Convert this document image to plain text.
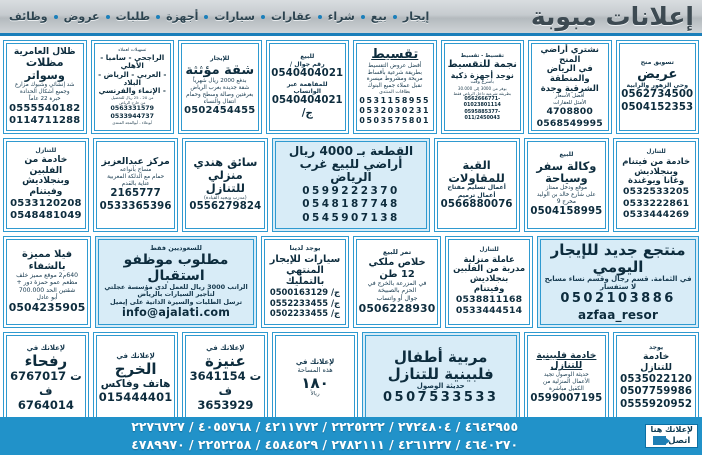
إعلانات مبوبة
إيجار
بيع
شراء
عقارات
سيارات
أجهزة
طلبات
عروض
وظائف
تسويق منح
عريض
وحي الزهور والرابية
0562734500
0504152353
نشتري أراضي المنح
في الرياض والمنطقة
الشرقية وجدة
أفضل الأسعار
الأمثل للعقارات
4708800
0568549995
تقسيط - تقسيط
نجمة للتقسيط
نوجد أجهزة ذكية
بأسرع وقت
يوفر من 3000 إلى 30.000
بطريقة شرعية داخل الرياض فقط
0562666771-01023801114
0595885377-011/2450043
تقسيط
أفضل عروض التقسيط
بطريقة شرعية بأقساط
مريحة ومشروط ميسرة
نقبل عملاء جميع البنوك
بطاقات المنتدى
0531158955
0532030231
0503575801
للبيع
رقم جوال /
0540404021
للمفاهمة عبر الواتساب
0540404021 /ج
للإيجار
شقة مؤثثة
بدفع 2000 ريال شهرياً
شقة جديدة بغرب الرياض
بغرفتين وصالة وسطح وحمام
انتقال والنساء
0502454455
تسهيلات لعملاء
الراجحي - سامبا - الأهلي
- العربي - الرياض - البلاد
- الإنماء والفرنسي
من 20 - 25 ريال للتحصيل
من خارج الرياض
0563331579
0533944737
أبوعلاء - أبوالمجد المنتدى
ظلال العامرية
مظلات وسواتر
شد إنشائي وشبوك مزارع
وجميع أشكال الحدادة
خبرة 22 عاماً
0555540182
0114711288
للتنازل
خادمة من فيتنام
وبنجلاديش
وغانا ويوغندة
0532533205
0533222861
0533444269
للبيع
وكالة سفر وسياحة
موقع ودخل ممتاز
على شارع خالد بن الوليد
مخرج 9
0504158995
القبة للمقاولات
أعمال تسليم مفتاح
أعمال ترميم
0566880076
القطعة بـ 4000 ريال
أراضي للبيع غرب الرياض
0599222370
0548187748
0545907138
سائق هندي
منزلي للتنازل
(مدرب ويجيد القيادة)
0556279824
مركز عبدالعزيز
مساج بأنواعه
حمام مع الدلكة المغربية
عناية بالقدم
2165777
0533365396
للتنازل
خادمة من الفلبين
وبنجلاديش
وفيتنام
0533120208
0548481049
منتجع جديد للإيجار اليومي
في الثمامة. قسم رجال وقسم نساء مسابح
لا ستفسار
0502103886
azfaa_resor
للتنازل
عاملة منزلية
مدربة من الفلبين
بنجلاديش
وفيتنام
0538811168
0533444514
تمر للبيع
خلاص ملكي 12 طن
في المزرعة بالخرج في
الحزم بالصبيخة
جوال أو واتساب
0506228930
يوجد لدينا
سيارات للإيجار
المنتهي بالتمليك
0500163129 /ج
0552233455 /ج
0502233455 /ج
للسعوديين فقط
مطلوب موظفو استقبال
الراتب 3000 ريال للعمل لدى مؤسسة عجلتي
لتأجير السيارات بالرياض
ترسل الطلبات والسيرة الذاتية على إيميل
info@ajalati.com
فيلا مميزة بالشفاء
640م2 موقع مميز خلف
مطعم عمو حمزة دور +
شقتين الحد 700.000
أبو عادل
0504235905
يوجد
خادمة
للتنازل
0535022120
0507759986
0555920952
خادمة فلبينية
للتنازل
حديثة الوصول تجيد
الأعمال المنزلية من
الكفيل مباشرة
0599007195
مربية أطفال
فلبينية للتنازل
حديثة الوصول
0507533533
لإعلانك في
هذه المساحة
١٨٠
ريالاً
لإعلانك في
عنيزة
ت 3641154
ف 3653929
لإعلانك في
الخرج
هاتف وفاكس
015444401
لإعلانك في
رفحاء
ت 6767017
ف 6764014
لإعلانك هنا
اتصل
٤٦٤٢٩٥٥ / ٢٧٢٤٨٠٤ / ٢٢٢٥٢٢٢ / ٤٢١١٧٧٢ / ٤٠٥٥٧٦٨ / ٢٢٧٦٧٢٧
٤٦٤٠٢٧٠ / ٤٢٦١٢٢٧ / ٢٧٨٢١١١ / ٤٥٨٤٥٢٩ / ٢٢٥٢٢٥٨ / ٤٧٨٩٩٧٠
